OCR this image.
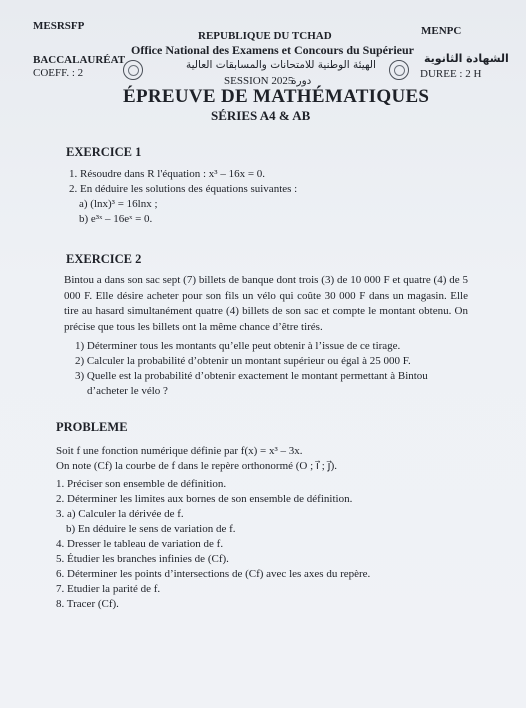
MESRSFP	MENPC
REPUBLIQUE DU TCHAD
Office National des Examens et Concours du Supérieur
الهيئة الوطنية للامتحانات والمسابقات العالية
BACCALAURÉAT
COEFF. : 2
SESSION 2025
دورة
الشهادة الثانوية
DUREE : 2 H
ÉPREUVE DE MATHÉMATIQUES
SÉRIES A4 & AB
EXERCICE 1
1. Résoudre dans R l'équation : x³ – 16x = 0.
2. En déduire les solutions des équations suivantes :
a) (lnx)³ = 16lnx ;
b) e³ˣ – 16eˣ = 0.
EXERCICE 2
Bintou a dans son sac sept (7) billets de banque dont trois (3) de 10 000 F et quatre (4) de 5 000 F. Elle désire acheter pour son fils un vélo qui coûte 30 000 F dans un magasin. Elle tire au hasard simultanément quatre (4) billets de son sac et compte le montant obtenu. On précise que tous les billets ont la même chance d’être tirés.
1) Déterminer tous les montants qu’elle peut obtenir à l’issue de ce tirage.
2) Calculer la probabilité d’obtenir un montant supérieur ou égal à 25 000 F.
3) Quelle est la probabilité d’obtenir exactement le montant permettant à Bintou
d’acheter le vélo ?
PROBLEME
Soit f une fonction numérique définie par f(x) = x³ – 3x.
On note (Cf) la courbe de f dans le repère orthonormé (O ; i⃗ ; j⃗).
1. Préciser son ensemble de définition.
2. Déterminer les limites aux bornes de son ensemble de définition.
3. a) Calculer la dérivée de f.
b) En déduire le sens de variation de f.
4. Dresser le tableau de variation de f.
5. Étudier les branches infinies de (Cf).
6. Déterminer les points d’intersections de (Cf) avec les axes du repère.
7. Etudier la parité de f.
8. Tracer (Cf).
